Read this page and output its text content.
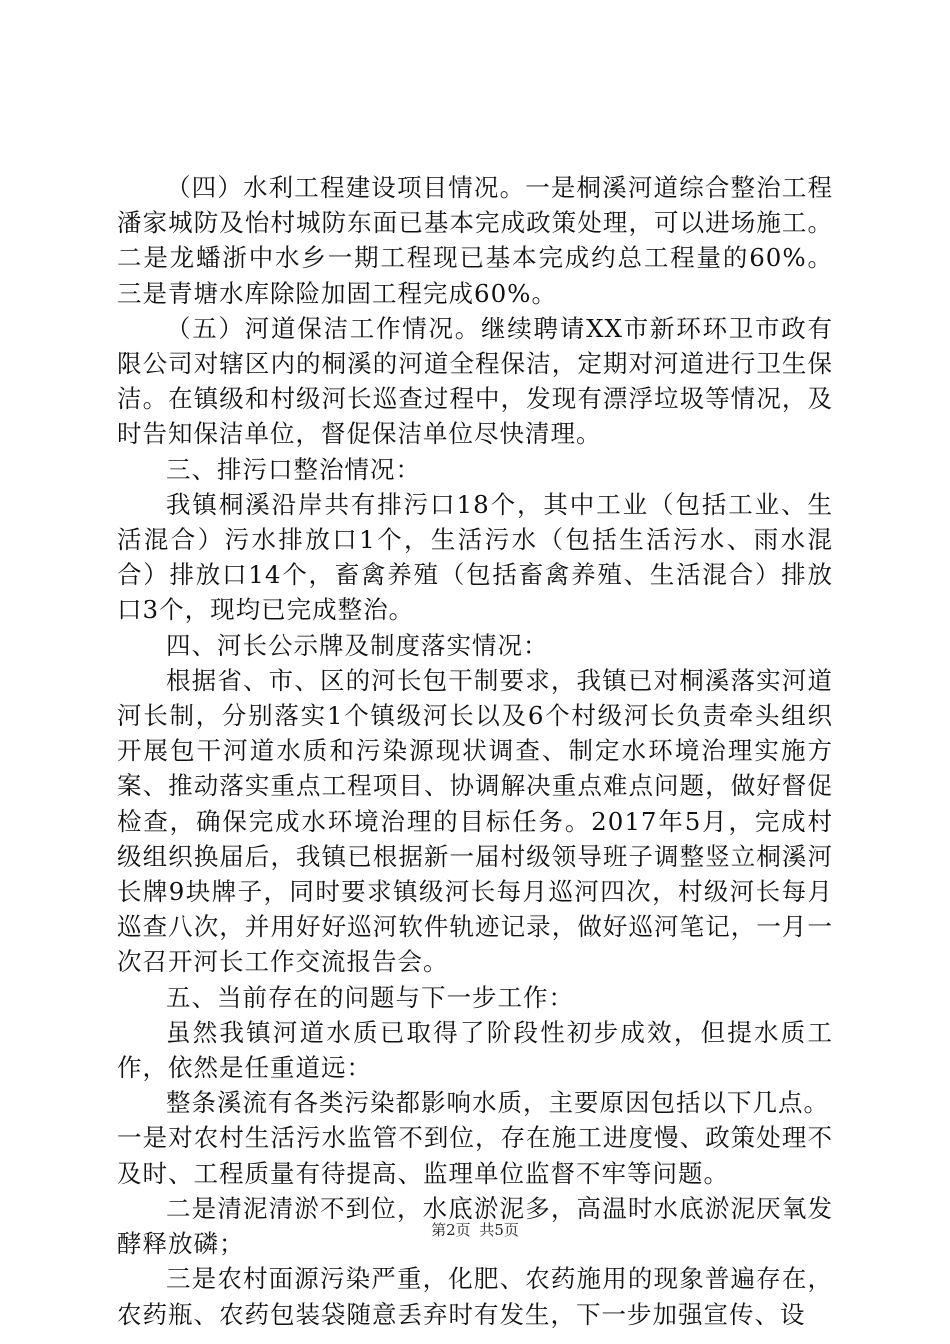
（四）水利工程建设项目情况。一是桐溪河道综合整治工程潘家城防及怡村城防东面已基本完成政策处理，可以进场施工。二是龙蟠浙中水乡一期工程现已基本完成约总工程量的60%。三是青塘水库除险加固工程完成60%。

（五）河道保洁工作情况。继续聘请XX市新环环卫市政有限公司对辖区内的桐溪的河道全程保洁，定期对河道进行卫生保洁。在镇级和村级河长巡查过程中，发现有漂浮垃圾等情况，及时告知保洁单位，督促保洁单位尽快清理。

三、排污口整治情况：

我镇桐溪沿岸共有排污口18个，其中工业（包括工业、生活混合）污水排放口1个，生活污水（包括生活污水、雨水混合）排放口14个，畜禽养殖（包括畜禽养殖、生活混合）排放口3个，现均已完成整治。

四、河长公示牌及制度落实情况：

根据省、市、区的河长包干制要求，我镇已对桐溪落实河道河长制，分别落实1个镇级河长以及6个村级河长负责牵头组织开展包干河道水质和污染源现状调查、制定水环境治理实施方案、推动落实重点工程项目、协调解决重点难点问题，做好督促检查，确保完成水环境治理的目标任务。2017年5月，完成村级组织换届后，我镇已根据新一届村级领导班子调整竖立桐溪河长牌9块牌子，同时要求镇级河长每月巡河四次，村级河长每月巡查八次，并用好好巡河软件轨迹记录，做好巡河笔记，一月一次召开河长工作交流报告会。

五、当前存在的问题与下一步工作：

虽然我镇河道水质已取得了阶段性初步成效，但提水质工作，依然是任重道远：

整条溪流有各类污染都影响水质，主要原因包括以下几点。

一是对农村生活污水监管不到位，存在施工进度慢、政策处理不及时、工程质量有待提高、监理单位监督不牢等问题。

二是清泥清淤不到位，水底淤泥多，高温时水底淤泥厌氧发酵释放磷；

三是农村面源污染严重，化肥、农药施用的现象普遍存在，农药瓶、农药包装袋随意丢弃时有发生，下一步加强宣传、设

第2页 共5页
